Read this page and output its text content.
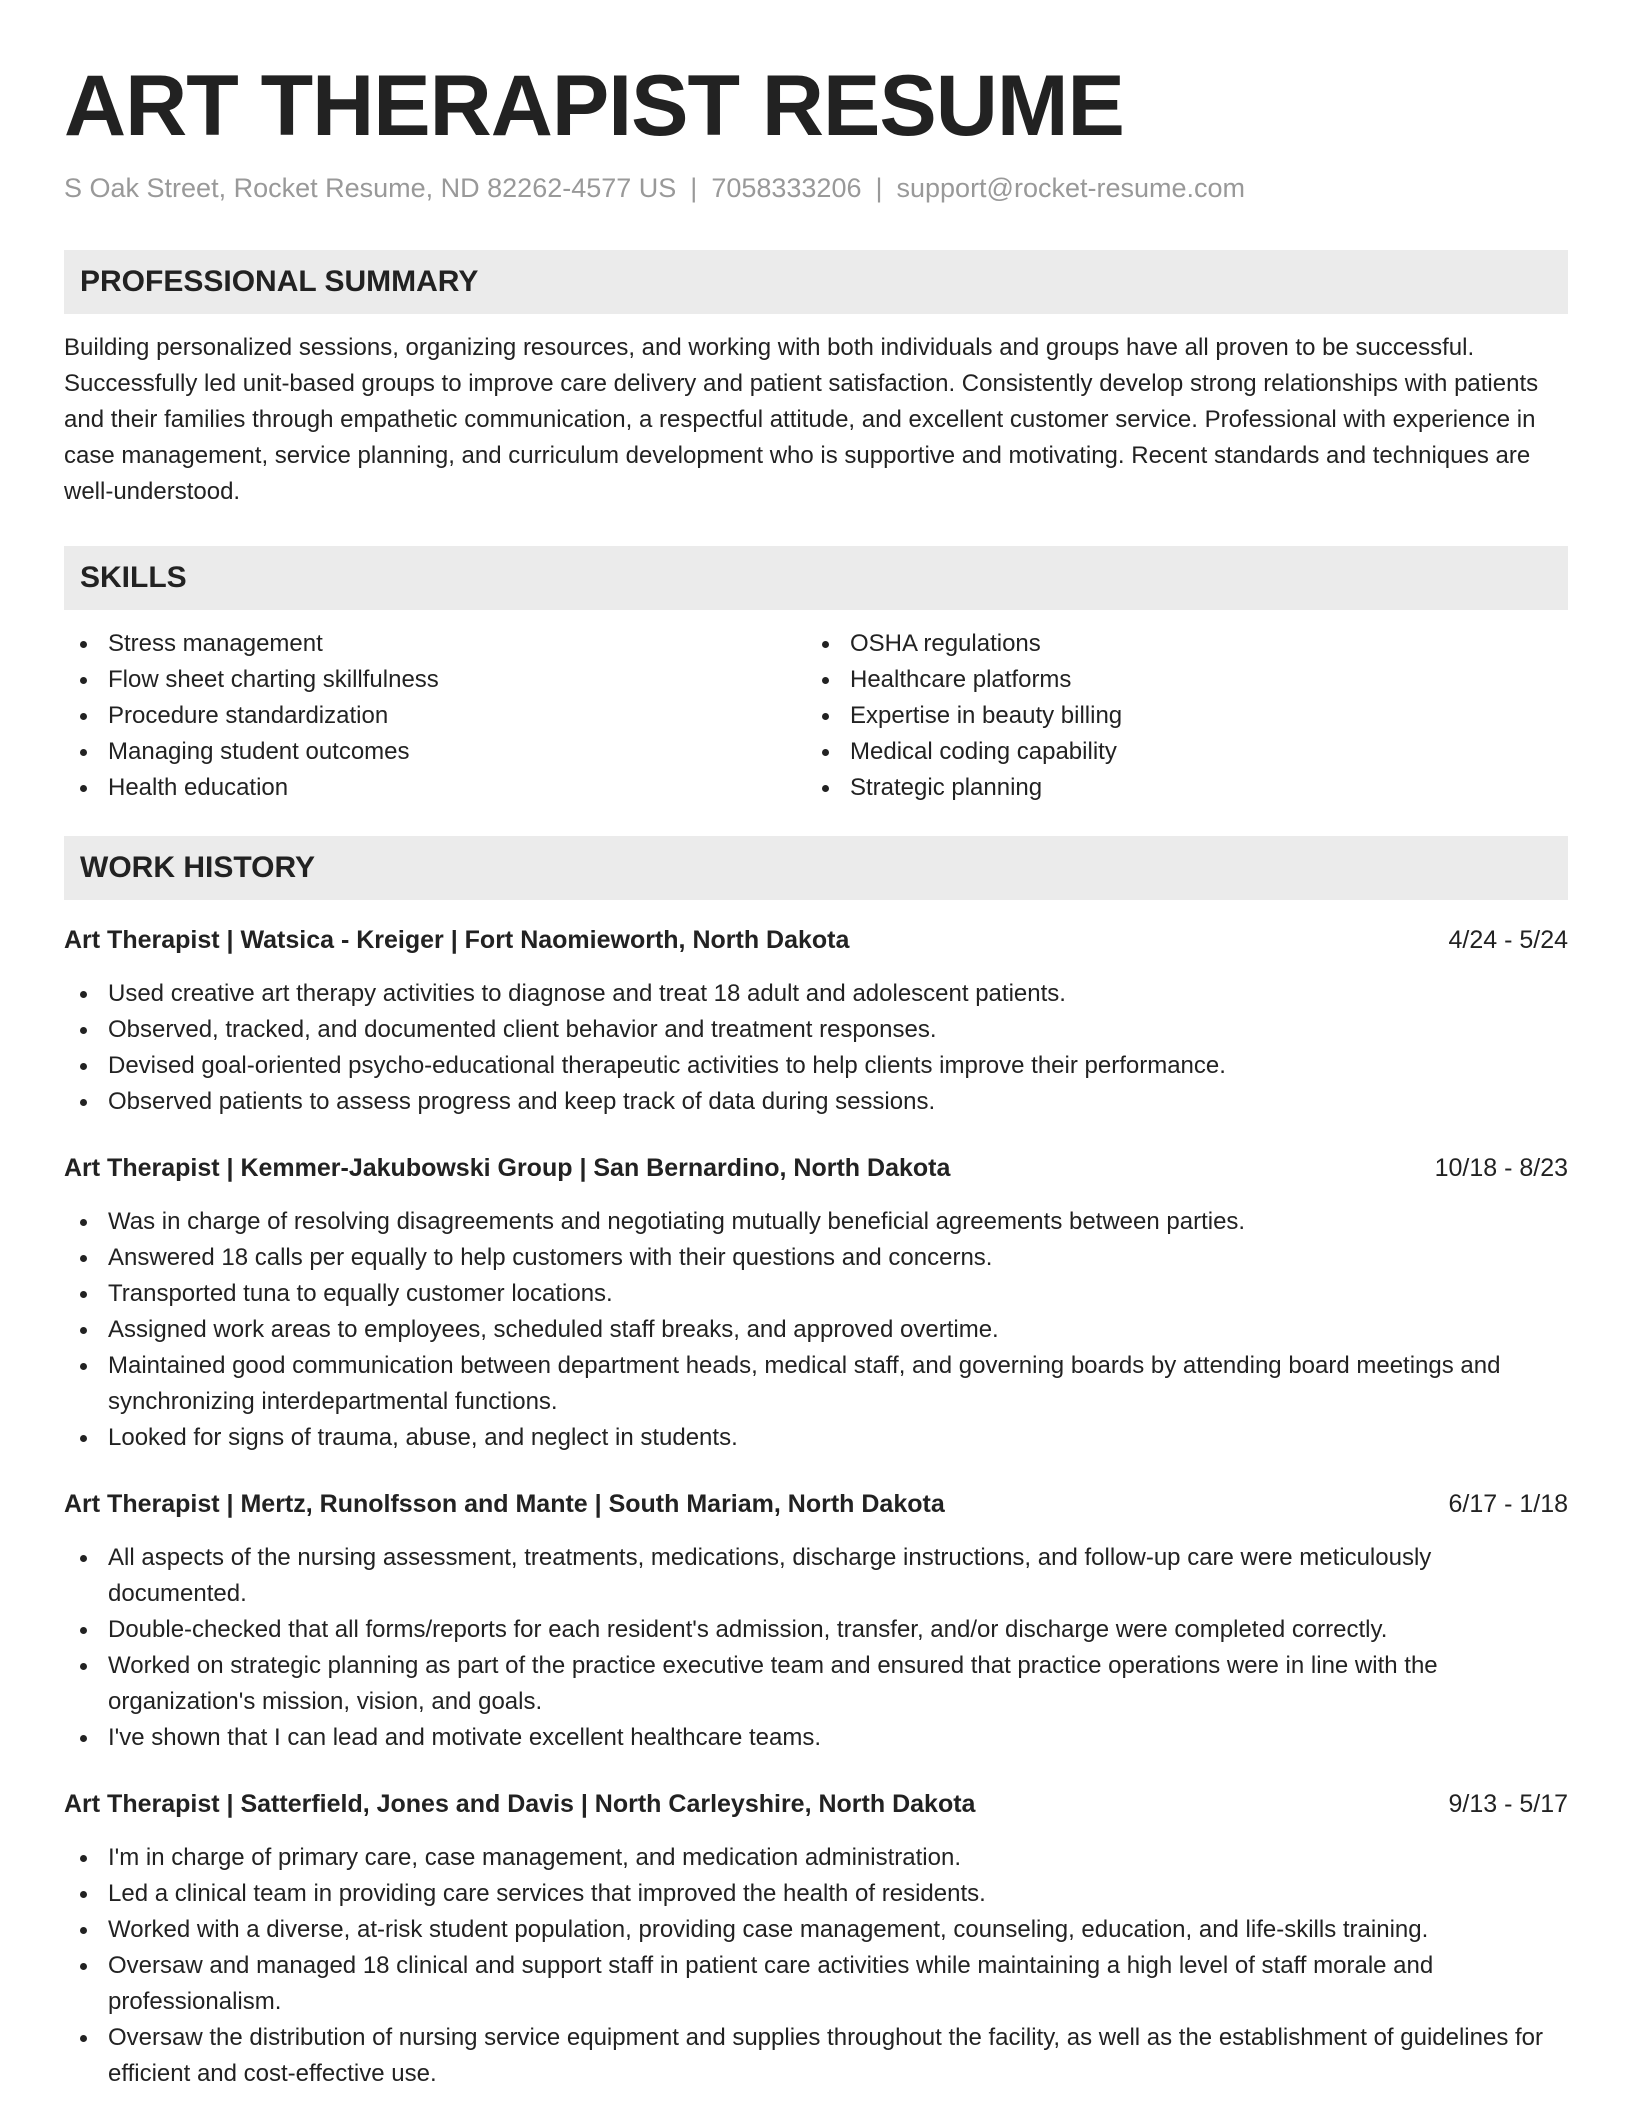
ART THERAPIST RESUME
S Oak Street, Rocket Resume, ND 82262-4577 US | 7058333206 | support@rocket-resume.com
PROFESSIONAL SUMMARY
Building personalized sessions, organizing resources, and working with both individuals and groups have all proven to be successful. Successfully led unit-based groups to improve care delivery and patient satisfaction. Consistently develop strong relationships with patients and their families through empathetic communication, a respectful attitude, and excellent customer service. Professional with experience in case management, service planning, and curriculum development who is supportive and motivating. Recent standards and techniques are well-understood.
SKILLS
Stress management
Flow sheet charting skillfulness
Procedure standardization
Managing student outcomes
Health education
OSHA regulations
Healthcare platforms
Expertise in beauty billing
Medical coding capability
Strategic planning
WORK HISTORY
Art Therapist | Watsica - Kreiger | Fort Naomieworth, North Dakota	4/24 - 5/24
Used creative art therapy activities to diagnose and treat 18 adult and adolescent patients.
Observed, tracked, and documented client behavior and treatment responses.
Devised goal-oriented psycho-educational therapeutic activities to help clients improve their performance.
Observed patients to assess progress and keep track of data during sessions.
Art Therapist | Kemmer-Jakubowski Group | San Bernardino, North Dakota	10/18 - 8/23
Was in charge of resolving disagreements and negotiating mutually beneficial agreements between parties.
Answered 18 calls per equally to help customers with their questions and concerns.
Transported tuna to equally customer locations.
Assigned work areas to employees, scheduled staff breaks, and approved overtime.
Maintained good communication between department heads, medical staff, and governing boards by attending board meetings and synchronizing interdepartmental functions.
Looked for signs of trauma, abuse, and neglect in students.
Art Therapist | Mertz, Runolfsson and Mante | South Mariam, North Dakota	6/17 - 1/18
All aspects of the nursing assessment, treatments, medications, discharge instructions, and follow-up care were meticulously documented.
Double-checked that all forms/reports for each resident's admission, transfer, and/or discharge were completed correctly.
Worked on strategic planning as part of the practice executive team and ensured that practice operations were in line with the organization's mission, vision, and goals.
I've shown that I can lead and motivate excellent healthcare teams.
Art Therapist | Satterfield, Jones and Davis | North Carleyshire, North Dakota	9/13 - 5/17
I'm in charge of primary care, case management, and medication administration.
Led a clinical team in providing care services that improved the health of residents.
Worked with a diverse, at-risk student population, providing case management, counseling, education, and life-skills training.
Oversaw and managed 18 clinical and support staff in patient care activities while maintaining a high level of staff morale and professionalism.
Oversaw the distribution of nursing service equipment and supplies throughout the facility, as well as the establishment of guidelines for efficient and cost-effective use.
